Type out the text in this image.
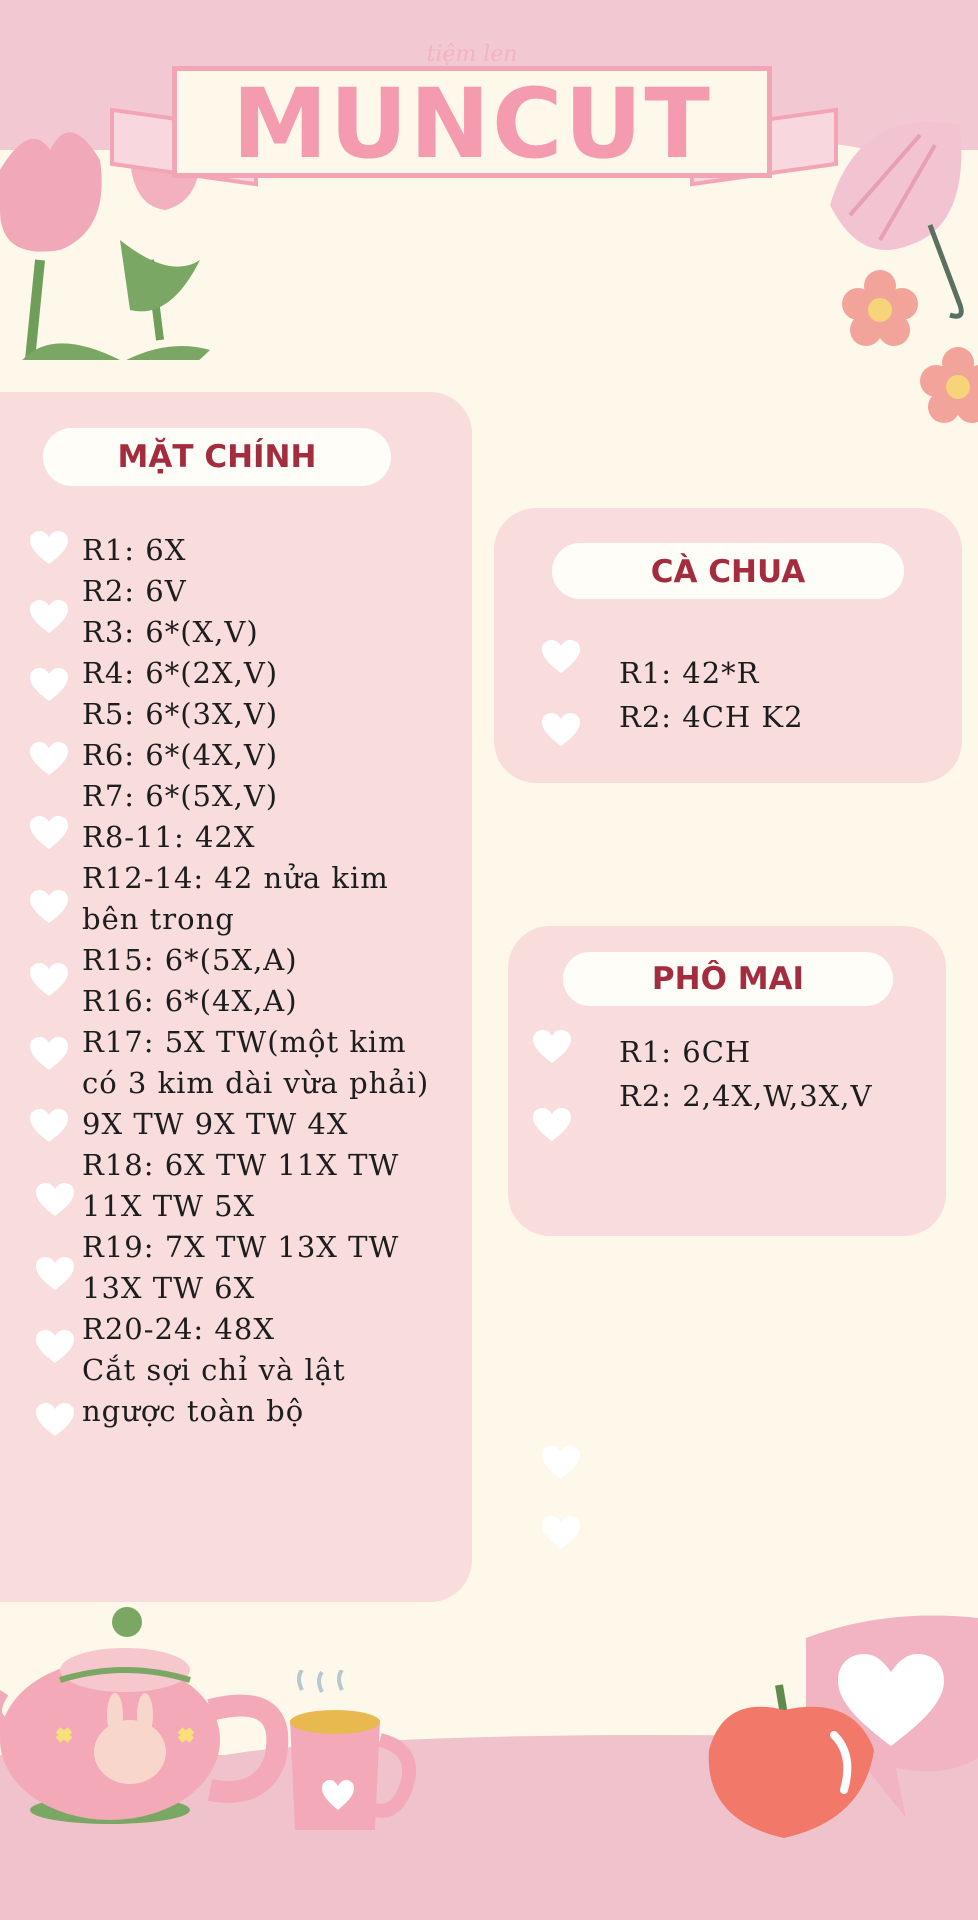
tiệm len
MUNCUT
MẶT CHÍNH
R1: 6X
R2: 6V
R3: 6*(X,V)
R4: 6*(2X,V)
R5: 6*(3X,V)
R6: 6*(4X,V)
R7: 6*(5X,V)
R8-11: 42X
R12-14: 42 nửa kim
bên trong
R15: 6*(5X,A)
R16: 6*(4X,A)
R17: 5X TW(một kim
có 3 kim dài vừa phải)
9X TW 9X TW 4X
R18: 6X TW 11X TW
11X TW 5X
R19: 7X TW 13X TW
13X TW 6X
R20-24: 48X
Cắt sợi chỉ và lật
ngược toàn bộ
CÀ CHUA
R1: 42*R
R2: 4CH K2
PHÔ MAI
R1: 6CH
R2: 2,4X,W,3X,V
